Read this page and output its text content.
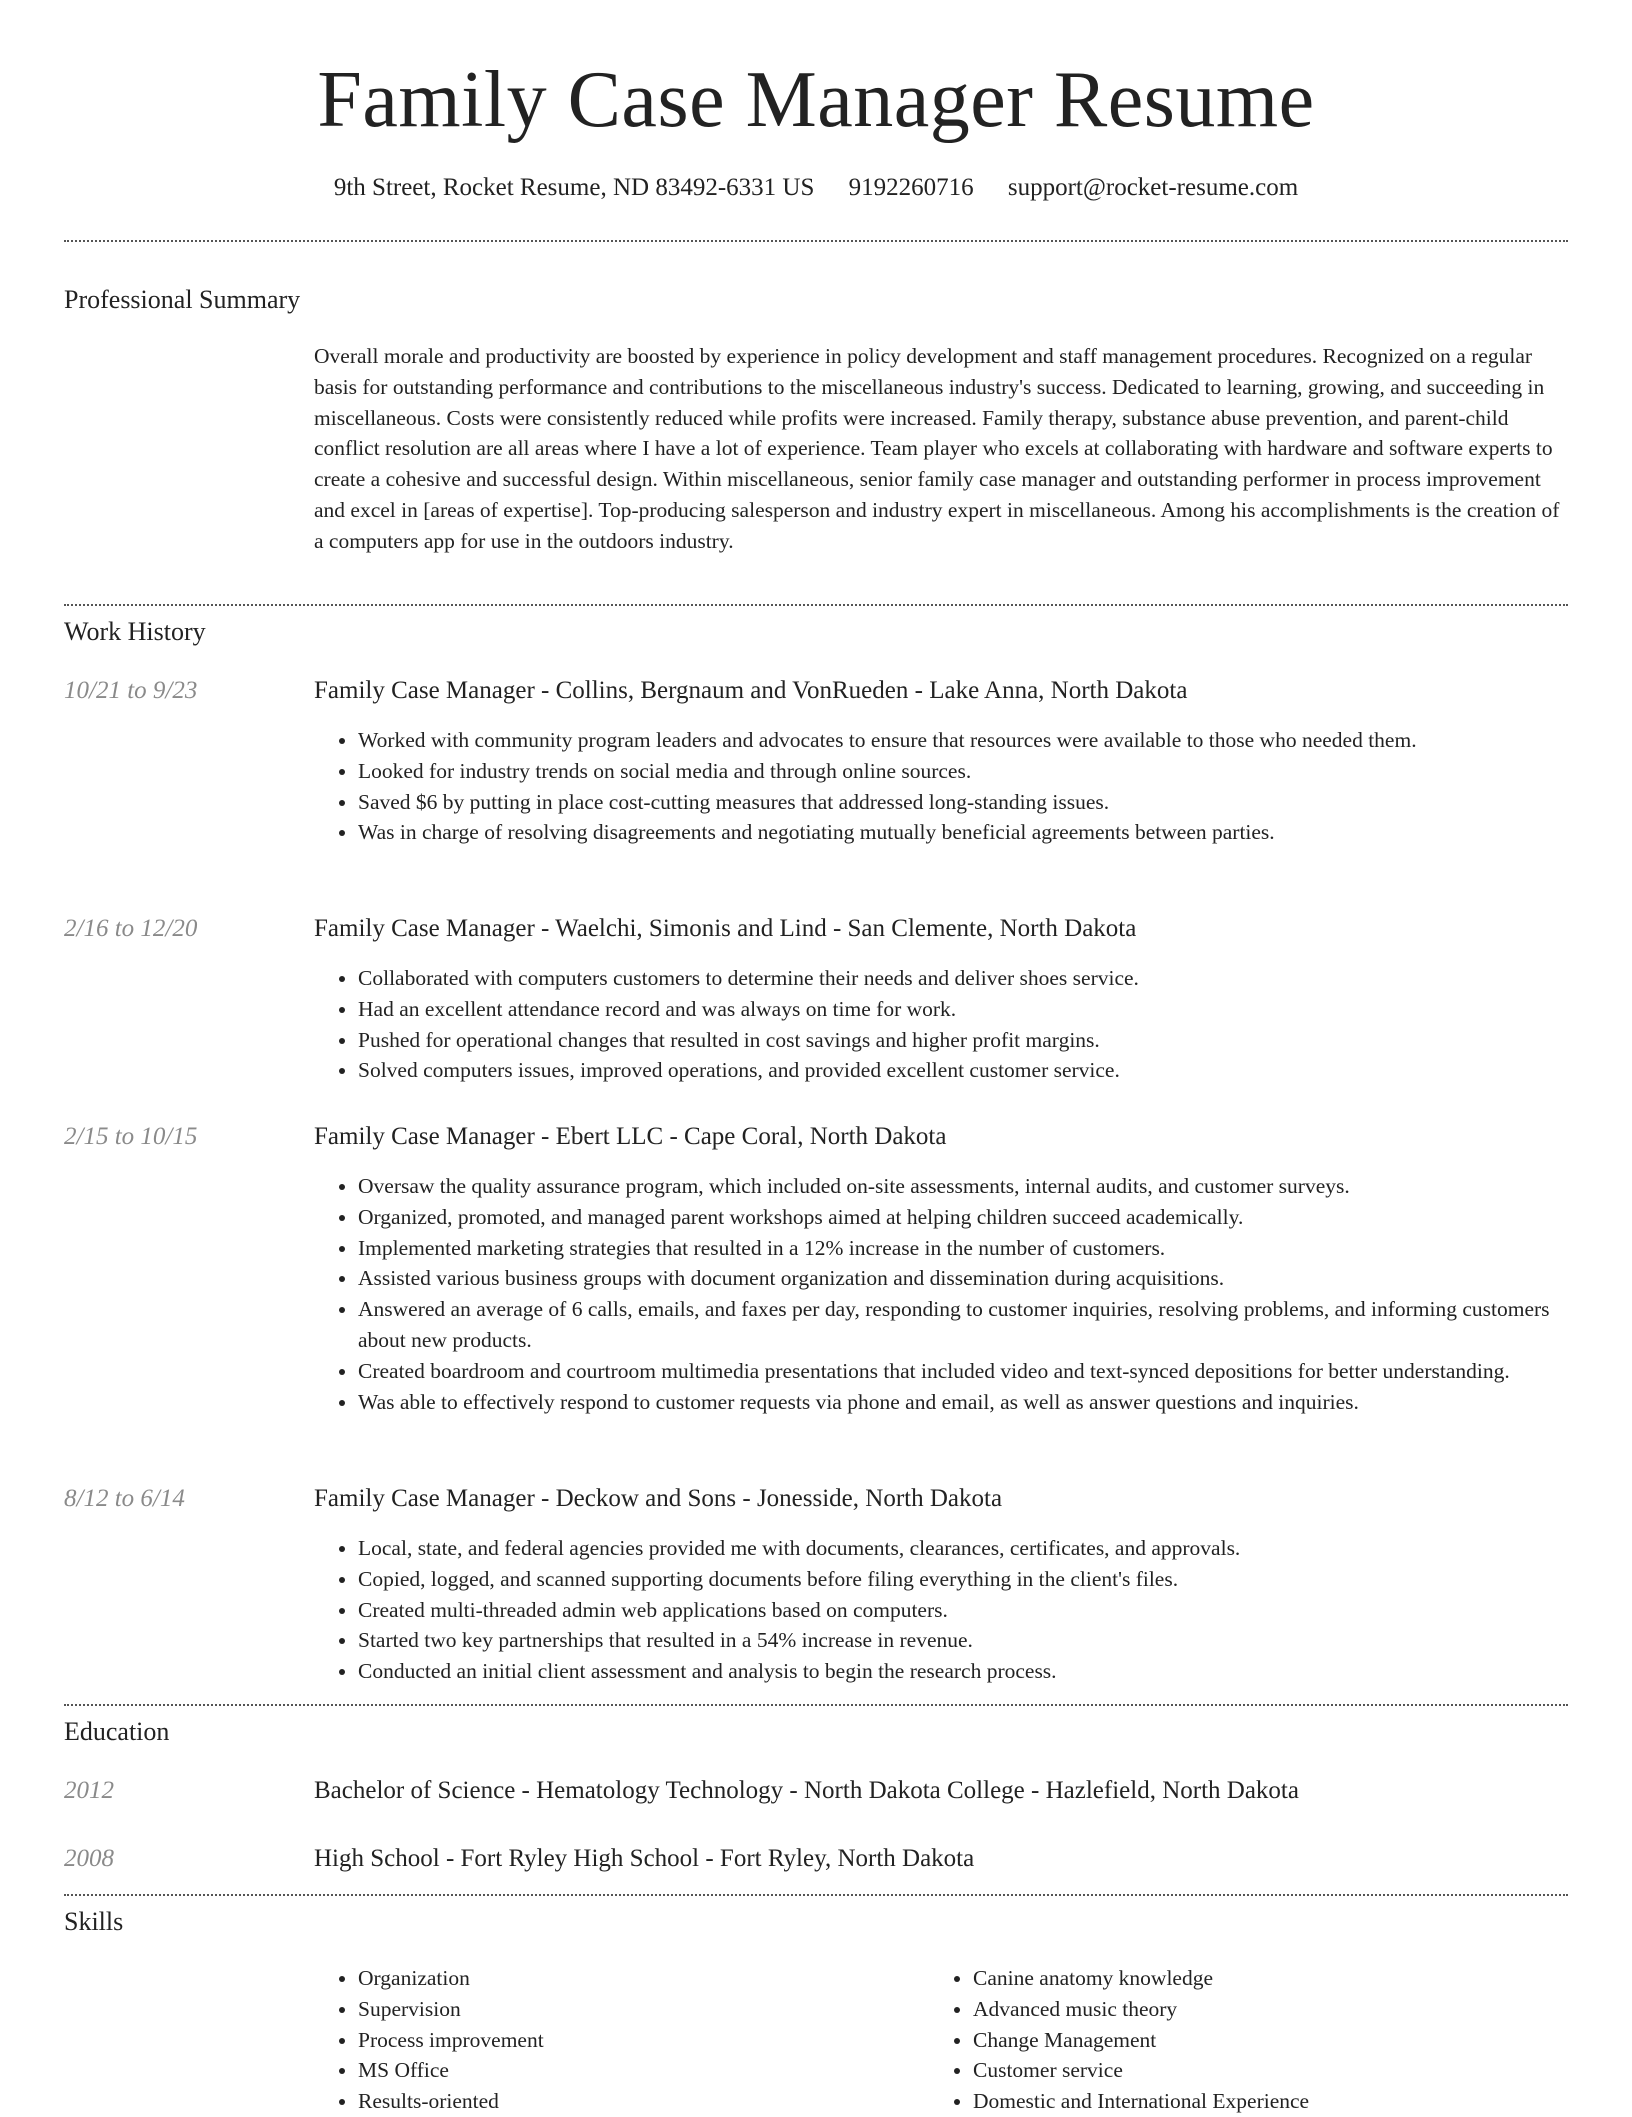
Family Case Manager Resume
9th Street, Rocket Resume, ND 83492-6331 US 9192260716 support@rocket-resume.com
Professional Summary

Overall morale and productivity are boosted by experience in policy development and staff management procedures. Recognized on a regular basis for outstanding performance and contributions to the miscellaneous industry's success. Dedicated to learning, growing, and succeeding in miscellaneous. Costs were consistently reduced while profits were increased. Family therapy, substance abuse prevention, and parent-child conflict resolution are all areas where I have a lot of experience. Team player who excels at collaborating with hardware and software experts to create a cohesive and successful design. Within miscellaneous, senior family case manager and outstanding performer in process improvement and excel in [areas of expertise]. Top-producing salesperson and industry expert in miscellaneous. Among his accomplishments is the creation of a computers app for use in the outdoors industry.

Work History
10/21 to 9/23	Family Case Manager - Collins, Bergnaum and VonRueden - Lake Anna, North Dakota
• Worked with community program leaders and advocates to ensure that resources were available to those who needed them.
• Looked for industry trends on social media and through online sources.
• Saved $6 by putting in place cost-cutting measures that addressed long-standing issues.
• Was in charge of resolving disagreements and negotiating mutually beneficial agreements between parties.
2/16 to 12/20	Family Case Manager - Waelchi, Simonis and Lind - San Clemente, North Dakota
• Collaborated with computers customers to determine their needs and deliver shoes service.
• Had an excellent attendance record and was always on time for work.
• Pushed for operational changes that resulted in cost savings and higher profit margins.
• Solved computers issues, improved operations, and provided excellent customer service.
2/15 to 10/15	Family Case Manager - Ebert LLC - Cape Coral, North Dakota
• Oversaw the quality assurance program, which included on-site assessments, internal audits, and customer surveys.
• Organized, promoted, and managed parent workshops aimed at helping children succeed academically.
• Implemented marketing strategies that resulted in a 12% increase in the number of customers.
• Assisted various business groups with document organization and dissemination during acquisitions.
• Answered an average of 6 calls, emails, and faxes per day, responding to customer inquiries, resolving problems, and informing customers about new products.
• Created boardroom and courtroom multimedia presentations that included video and text-synced depositions for better understanding.
• Was able to effectively respond to customer requests via phone and email, as well as answer questions and inquiries.
8/12 to 6/14	Family Case Manager - Deckow and Sons - Jonesside, North Dakota
• Local, state, and federal agencies provided me with documents, clearances, certificates, and approvals.
• Copied, logged, and scanned supporting documents before filing everything in the client's files.
• Created multi-threaded admin web applications based on computers.
• Started two key partnerships that resulted in a 54% increase in revenue.
• Conducted an initial client assessment and analysis to begin the research process.
Education
2012	Bachelor of Science - Hematology Technology - North Dakota College - Hazlefield, North Dakota
2008	High School - Fort Ryley High School - Fort Ryley, North Dakota
Skills
• Organization
• Supervision
• Process improvement
• MS Office
• Results-oriented
• Canine anatomy knowledge
• Advanced music theory
• Change Management
• Customer service
• Domestic and International Experience
